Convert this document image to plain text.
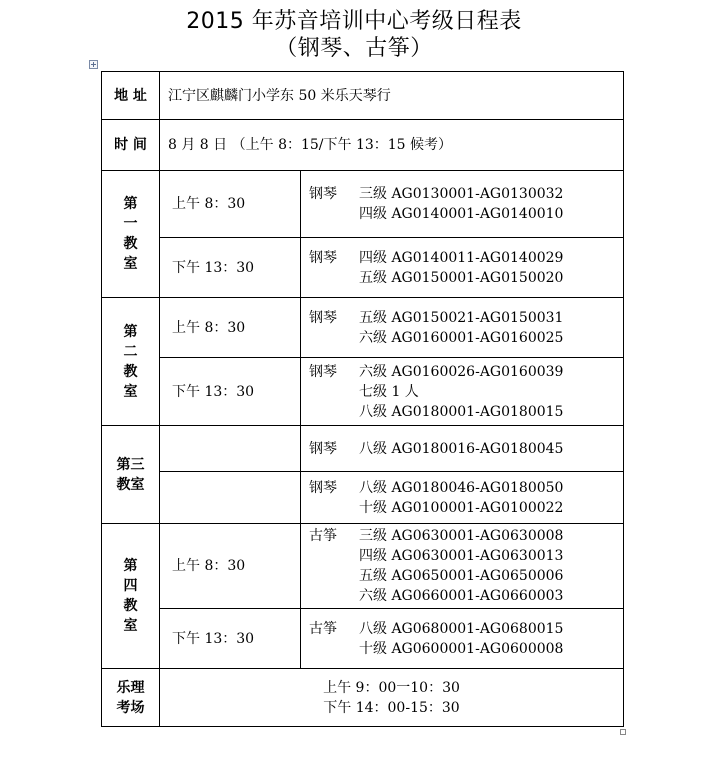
2015 年苏音培训中心考级日程表
（钢琴、古筝）
地 址	江宁区麒麟门小学东 50 米乐天琴行	
时 间	8 月 8 日 （上午 8：15/下午 13：15 候考）	

第
一
教
室	上午 8：30	钢琴 三级 AG0130001-AG0130032
四级 AG0140001-AG0140010

	下午 13：30	钢琴 四级 AG0140011-AG0140029
五级 AG0150001-AG0150020

第
二
教
室	上午 8：30	钢琴 五级 AG0150021-AG0150031
六级 AG0160001-AG0160025

	下午 13：30	钢琴 六级 AG0160026-AG0160039
七级 1 人
八级 AG0180001-AG0180015

第三
教室		钢琴 八级 AG0180016-AG0180045

		钢琴 八级 AG0180046-AG0180050
十级 AG0100001-AG0100022

第
四
教
室	上午 8：30	古筝 三级 AG0630001-AG0630008
四级 AG0630001-AG0630013
五级 AG0650001-AG0650006
六级 AG0660001-AG0660003

	下午 13：30	古筝 八级 AG0680001-AG0680015
十级 AG0600001-AG0600008

乐理
考场	上午 9：00一10：30
下午 14：00-15：30	
